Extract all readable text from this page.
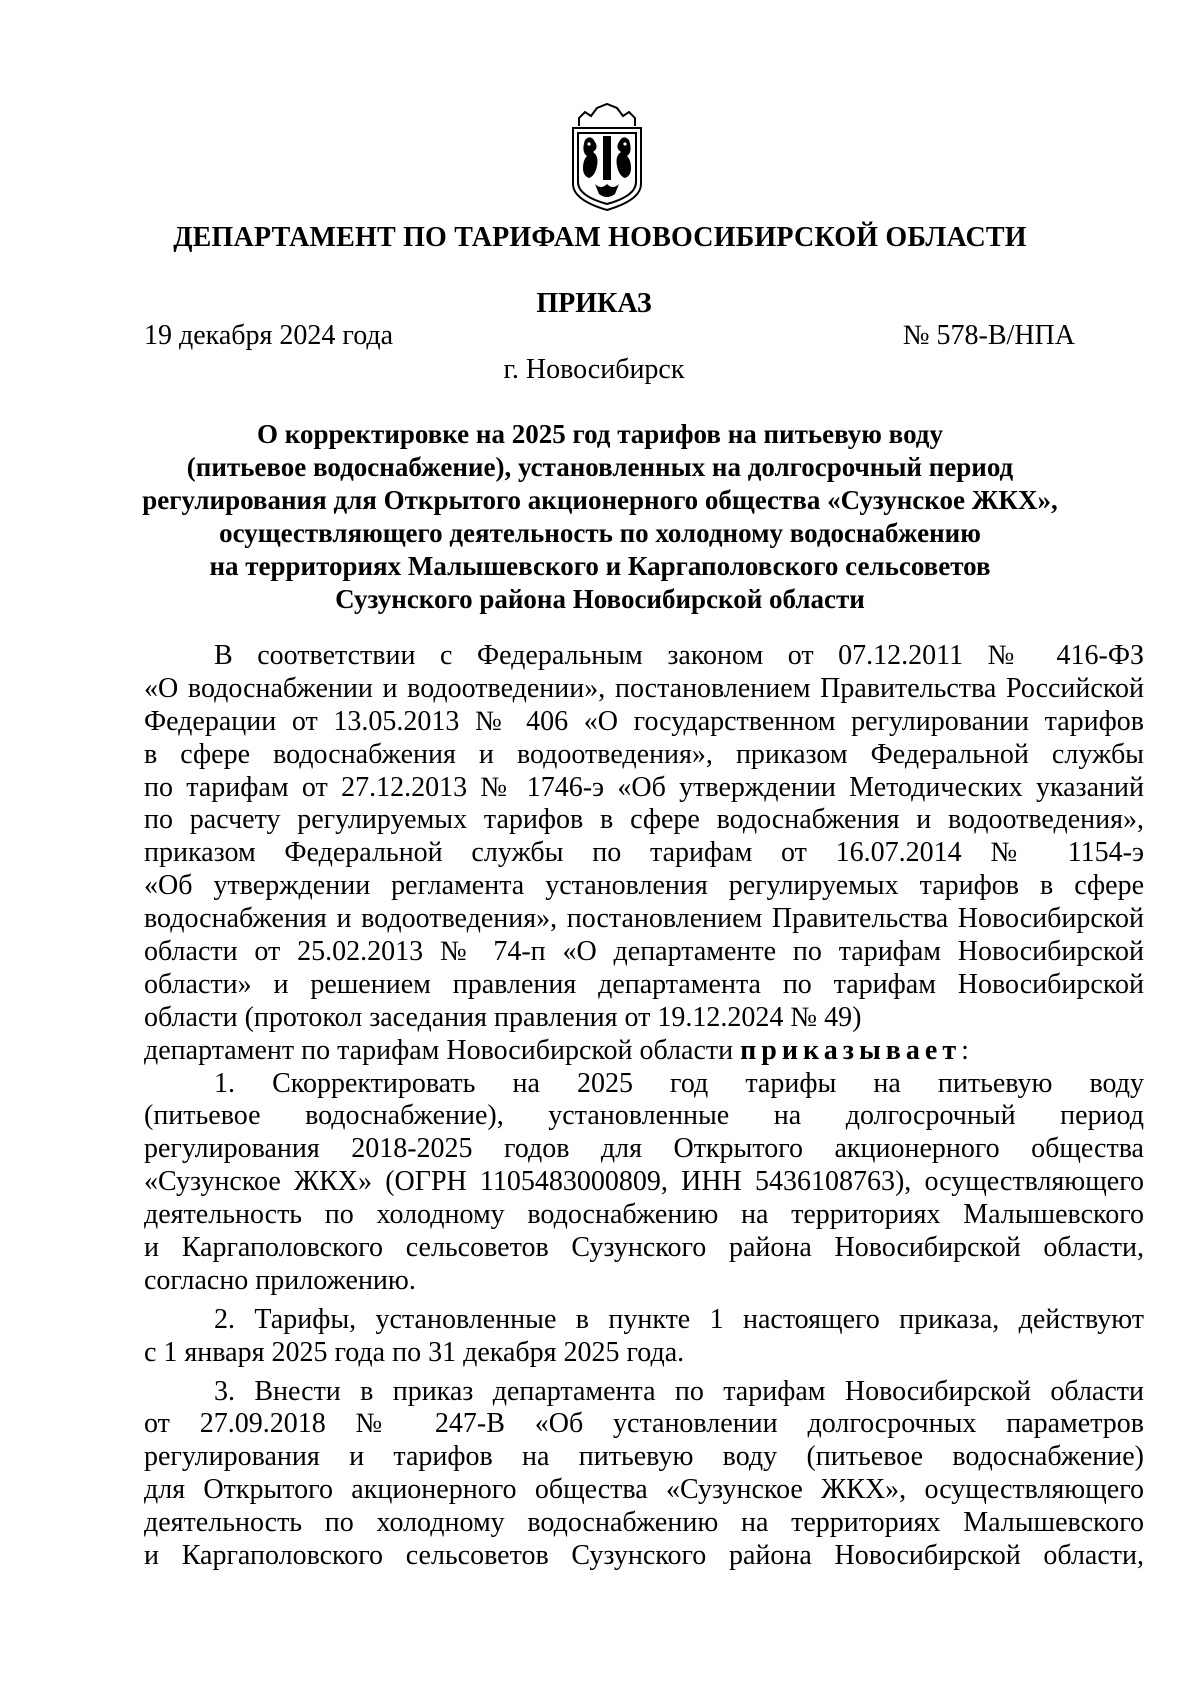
ДЕПАРТАМЕНТ ПО ТАРИФАМ НОВОСИБИРСКОЙ ОБЛАСТИ
ПРИКАЗ
19 декабря 2024 года	№ 578-В/НПА
г. Новосибирск
О корректировке на 2025 год тарифов на питьевую воду
(питьевое водоснабжение), установленных на долгосрочный период
регулирования для Открытого акционерного общества «Сузунское ЖКХ»,
осуществляющего деятельность по холодному водоснабжению
на территориях Малышевского и Каргаполовского сельсоветов
Сузунского района Новосибирской области
В соответствии с Федеральным законом от 07.12.2011 № 416-ФЗ
«О водоснабжении и водоотведении», постановлением Правительства Российской
Федерации от 13.05.2013 № 406 «О государственном регулировании тарифов
в сфере водоснабжения и водоотведения», приказом Федеральной службы
по тарифам от 27.12.2013 № 1746-э «Об утверждении Методических указаний
по расчету регулируемых тарифов в сфере водоснабжения и водоотведения»,
приказом Федеральной службы по тарифам от 16.07.2014 № 1154-э
«Об утверждении регламента установления регулируемых тарифов в сфере
водоснабжения и водоотведения», постановлением Правительства Новосибирской
области от 25.02.2013 № 74-п «О департаменте по тарифам Новосибирской
области» и решением правления департамента по тарифам Новосибирской
области (протокол заседания правления от 19.12.2024 № 49)
департамент по тарифам Новосибирской области приказывает:
1. Скорректировать на 2025 год тарифы на питьевую воду
(питьевое водоснабжение), установленные на долгосрочный период
регулирования 2018-2025 годов для Открытого акционерного общества
«Сузунское ЖКХ» (ОГРН 1105483000809, ИНН 5436108763), осуществляющего
деятельность по холодному водоснабжению на территориях Малышевского
и Каргаполовского сельсоветов Сузунского района Новосибирской области,
согласно приложению.
2. Тарифы, установленные в пункте 1 настоящего приказа, действуют
с 1 января 2025 года по 31 декабря 2025 года.
3. Внести в приказ департамента по тарифам Новосибирской области
от 27.09.2018 № 247-В «Об установлении долгосрочных параметров
регулирования и тарифов на питьевую воду (питьевое водоснабжение)
для Открытого акционерного общества «Сузунское ЖКХ», осуществляющего
деятельность по холодному водоснабжению на территориях Малышевского
и Каргаполовского сельсоветов Сузунского района Новосибирской области,
